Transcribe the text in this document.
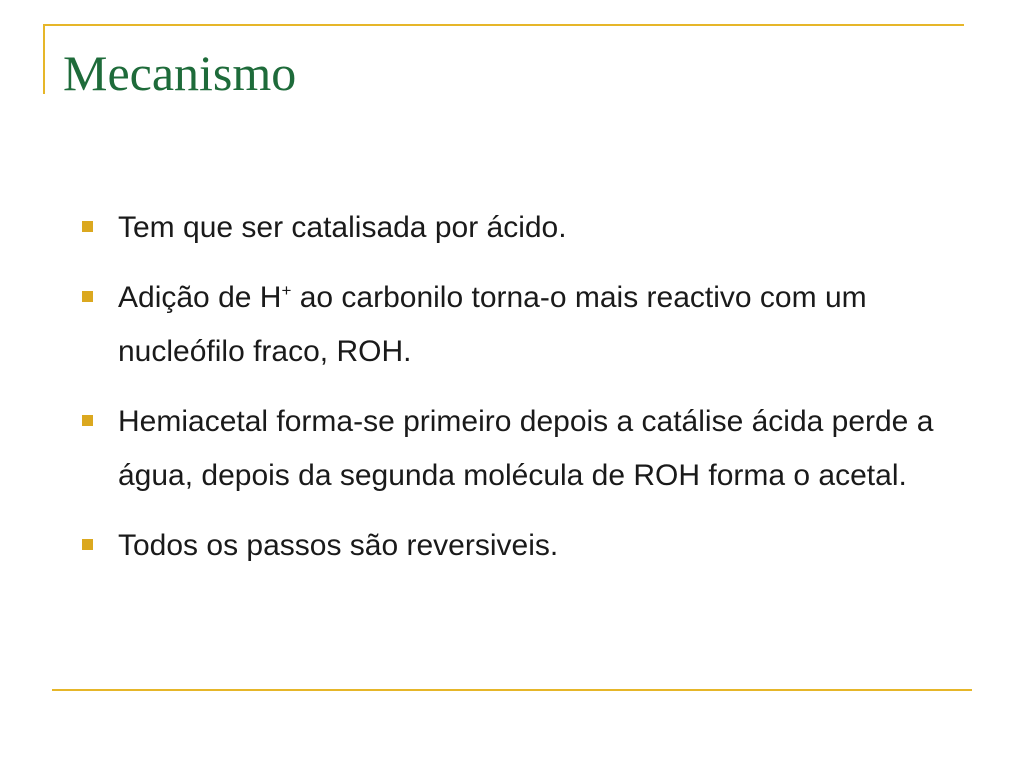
Mecanismo
Tem que ser catalisada por ácido.
Adição de H+ ao carbonilo torna-o mais reactivo com um nucleófilo fraco, ROH.
Hemiacetal forma-se primeiro depois a catálise ácida perde a água, depois da segunda molécula de ROH forma o acetal.
Todos os passos são reversiveis.
